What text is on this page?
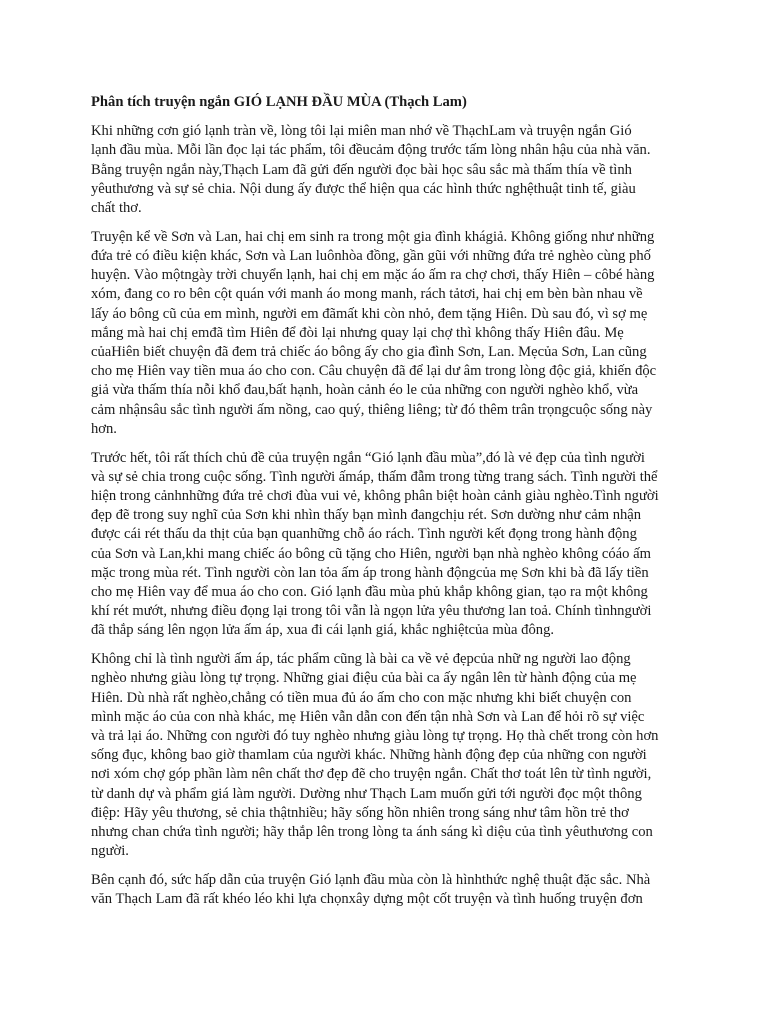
Phân tích truyện ngắn GIÓ LẠNH ĐẦU MÙA (Thạch Lam)
Khi những cơn gió lạnh tràn về, lòng tôi lại miên man nhớ về ThạchLam và truyện ngắn Gió
lạnh đầu mùa. Mỗi lần đọc lại tác phẩm, tôi đềucảm động trước tấm lòng nhân hậu của nhà văn.
Bằng truyện ngắn này,Thạch Lam đã gửi đến người đọc bài học sâu sắc mà thấm thía về tình
yêuthương và sự sẻ chia. Nội dung ấy được thể hiện qua các hình thức nghệthuật tinh tế, giàu
chất thơ.
Truyện kể về Sơn và Lan, hai chị em sinh ra trong một gia đình khágiả. Không giống như những
đứa trẻ có điều kiện khác, Sơn và Lan luônhòa đồng, gần gũi với những đứa trẻ nghèo cùng phố
huyện. Vào mộtngày trời chuyển lạnh, hai chị em mặc áo ấm ra chợ chơi, thấy Hiên – côbé hàng
xóm, đang co ro bên cột quán với manh áo mong manh, rách tảtơi, hai chị em bèn bàn nhau về
lấy áo bông cũ của em mình, người em đãmất khi còn nhỏ, đem tặng Hiên. Dù sau đó, vì sợ mẹ
mắng mà hai chị emđã tìm Hiên để đòi lại nhưng quay lại chợ thì không thấy Hiên đâu. Mẹ
củaHiên biết chuyện đã đem trả chiếc áo bông ấy cho gia đình Sơn, Lan. Mẹcủa Sơn, Lan cũng
cho mẹ Hiên vay tiền mua áo cho con. Câu chuyện đã để lại dư âm trong lòng độc giả, khiến độc
giả vừa thấm thía nỗi khổ đau,bất hạnh, hoàn cảnh éo le của những con người nghèo khổ, vừa
cảm nhậnsâu sắc tình người ấm nồng, cao quý, thiêng liêng; từ đó thêm trân trọngcuộc sống này
hơn.
Trước hết, tôi rất thích chủ đề của truyện ngắn “Gió lạnh đầu mùa”,đó là vẻ đẹp của tình người
và sự sẻ chia trong cuộc sống. Tình người ấmáp, thấm đẫm trong từng trang sách. Tình người thể
hiện trong cảnhnhững đứa trẻ chơi đùa vui vẻ, không phân biệt hoàn cảnh giàu nghèo.Tình người
đẹp đẽ trong suy nghĩ của Sơn khi nhìn thấy bạn mình đangchịu rét. Sơn dường như cảm nhận
được cái rét thấu da thịt của bạn quanhững chỗ áo rách. Tình người kết đọng trong hành động
của Sơn và Lan,khi mang chiếc áo bông cũ tặng cho Hiên, người bạn nhà nghèo không cóáo ấm
mặc trong mùa rét. Tình người còn lan tỏa ấm áp trong hành độngcủa mẹ Sơn khi bà đã lấy tiền
cho mẹ Hiên vay để mua áo cho con. Gió lạnh đầu mùa phủ khắp không gian, tạo ra một không
khí rét mướt, nhưng điều đọng lại trong tôi vẫn là ngọn lửa yêu thương lan toả. Chính tìnhngười
đã thắp sáng lên ngọn lửa ấm áp, xua đi cái lạnh giá, khắc nghiệtcủa mùa đông.
Không chỉ là tình người ấm áp, tác phẩm cũng là bài ca về vẻ đẹpcủa nhữ ng người lao động
nghèo nhưng giàu lòng tự trọng. Những giai điệu của bài ca ấy ngân lên từ hành động của mẹ
Hiên. Dù nhà rất nghèo,chẳng có tiền mua đủ áo ấm cho con mặc nhưng khi biết chuyện con
mình mặc áo của con nhà khác, mẹ Hiên vẫn dẫn con đến tận nhà Sơn và Lan để hỏi rõ sự việc
và trả lại áo. Những con người đó tuy nghèo nhưng giàu lòng tự trọng. Họ thà chết trong còn hơn
sống đục, không bao giờ thamlam của người khác. Những hành động đẹp của những con người
nơi xóm chợ góp phần làm nên chất thơ đẹp đẽ cho truyện ngắn. Chất thơ toát lên từ tình người,
từ danh dự và phẩm giá làm người. Dường như Thạch Lam muốn gửi tới người đọc một thông
điệp: Hãy yêu thương, sẻ chia thậtnhiều; hãy sống hồn nhiên trong sáng như tâm hồn trẻ thơ
nhưng chan chứa tình người; hãy thắp lên trong lòng ta ánh sáng kì diệu của tình yêuthương con
người.
Bên cạnh đó, sức hấp dẫn của truyện Gió lạnh đầu mùa còn là hìnhthức nghệ thuật đặc sắc. Nhà
văn Thạch Lam đã rất khéo léo khi lựa chọnxây dựng một cốt truyện và tình huống truyện đơn
